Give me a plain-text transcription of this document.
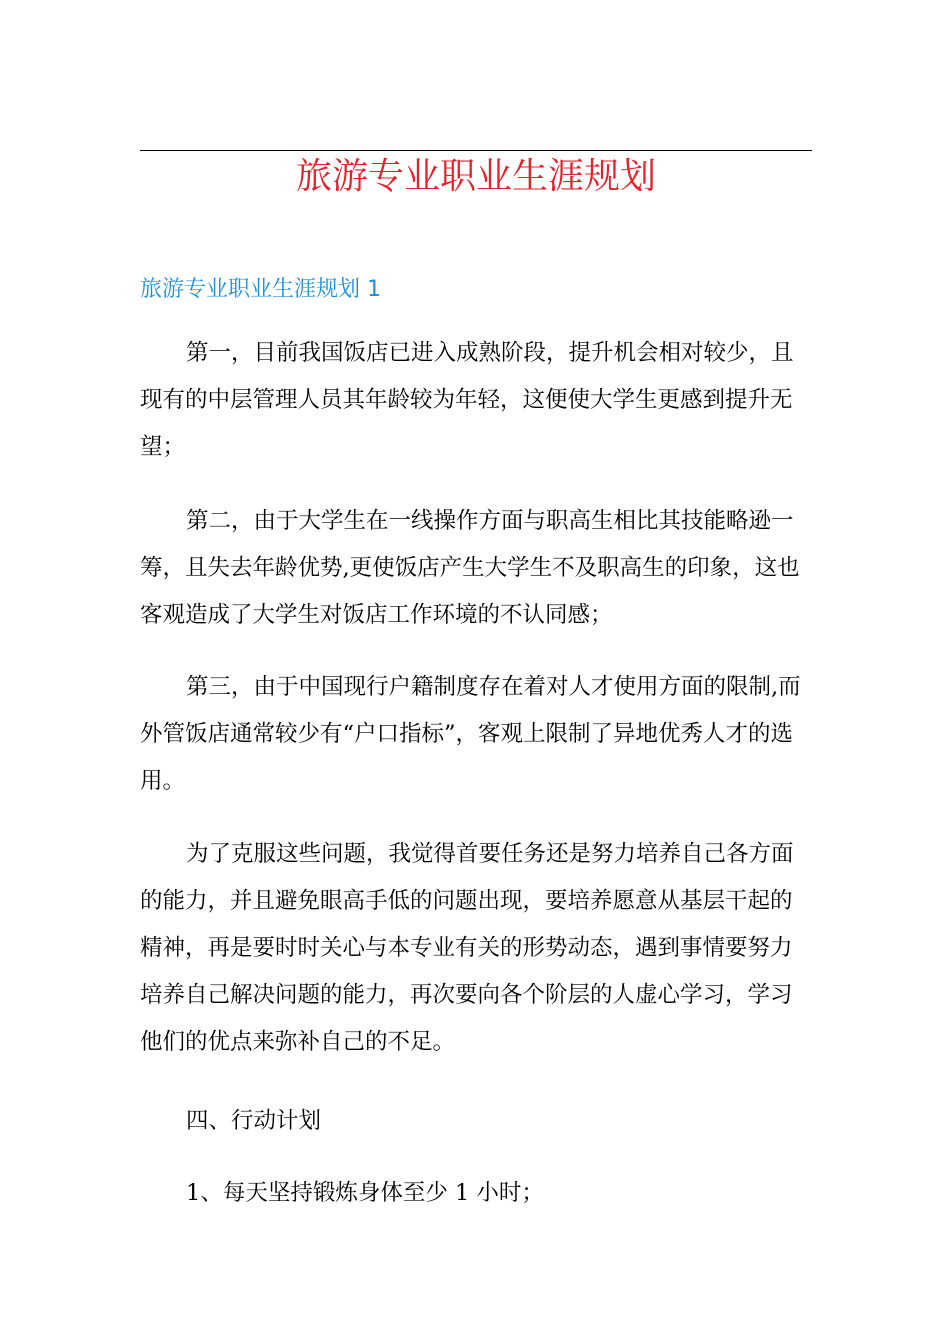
旅游专业职业生涯规划
旅游专业职业生涯规划 1

第一，目前我国饭店已进入成熟阶段，提升机会相对较少，且现有的中层管理人员其年龄较为年轻，这便使大学生更感到提升无望；

第二，由于大学生在一线操作方面与职高生相比其技能略逊一筹，且失去年龄优势,更使饭店产生大学生不及职高生的印象，这也客观造成了大学生对饭店工作环境的不认同感；

第三，由于中国现行户籍制度存在着对人才使用方面的限制,而外管饭店通常较少有“户口指标”，客观上限制了异地优秀人才的选用。

为了克服这些问题，我觉得首要任务还是努力培养自己各方面的能力，并且避免眼高手低的问题出现，要培养愿意从基层干起的精神，再是要时时关心与本专业有关的形势动态，遇到事情要努力培养自己解决问题的能力，再次要向各个阶层的人虚心学习，学习他们的优点来弥补自己的不足。

四、行动计划

1、每天坚持锻炼身体至少 1 小时；
